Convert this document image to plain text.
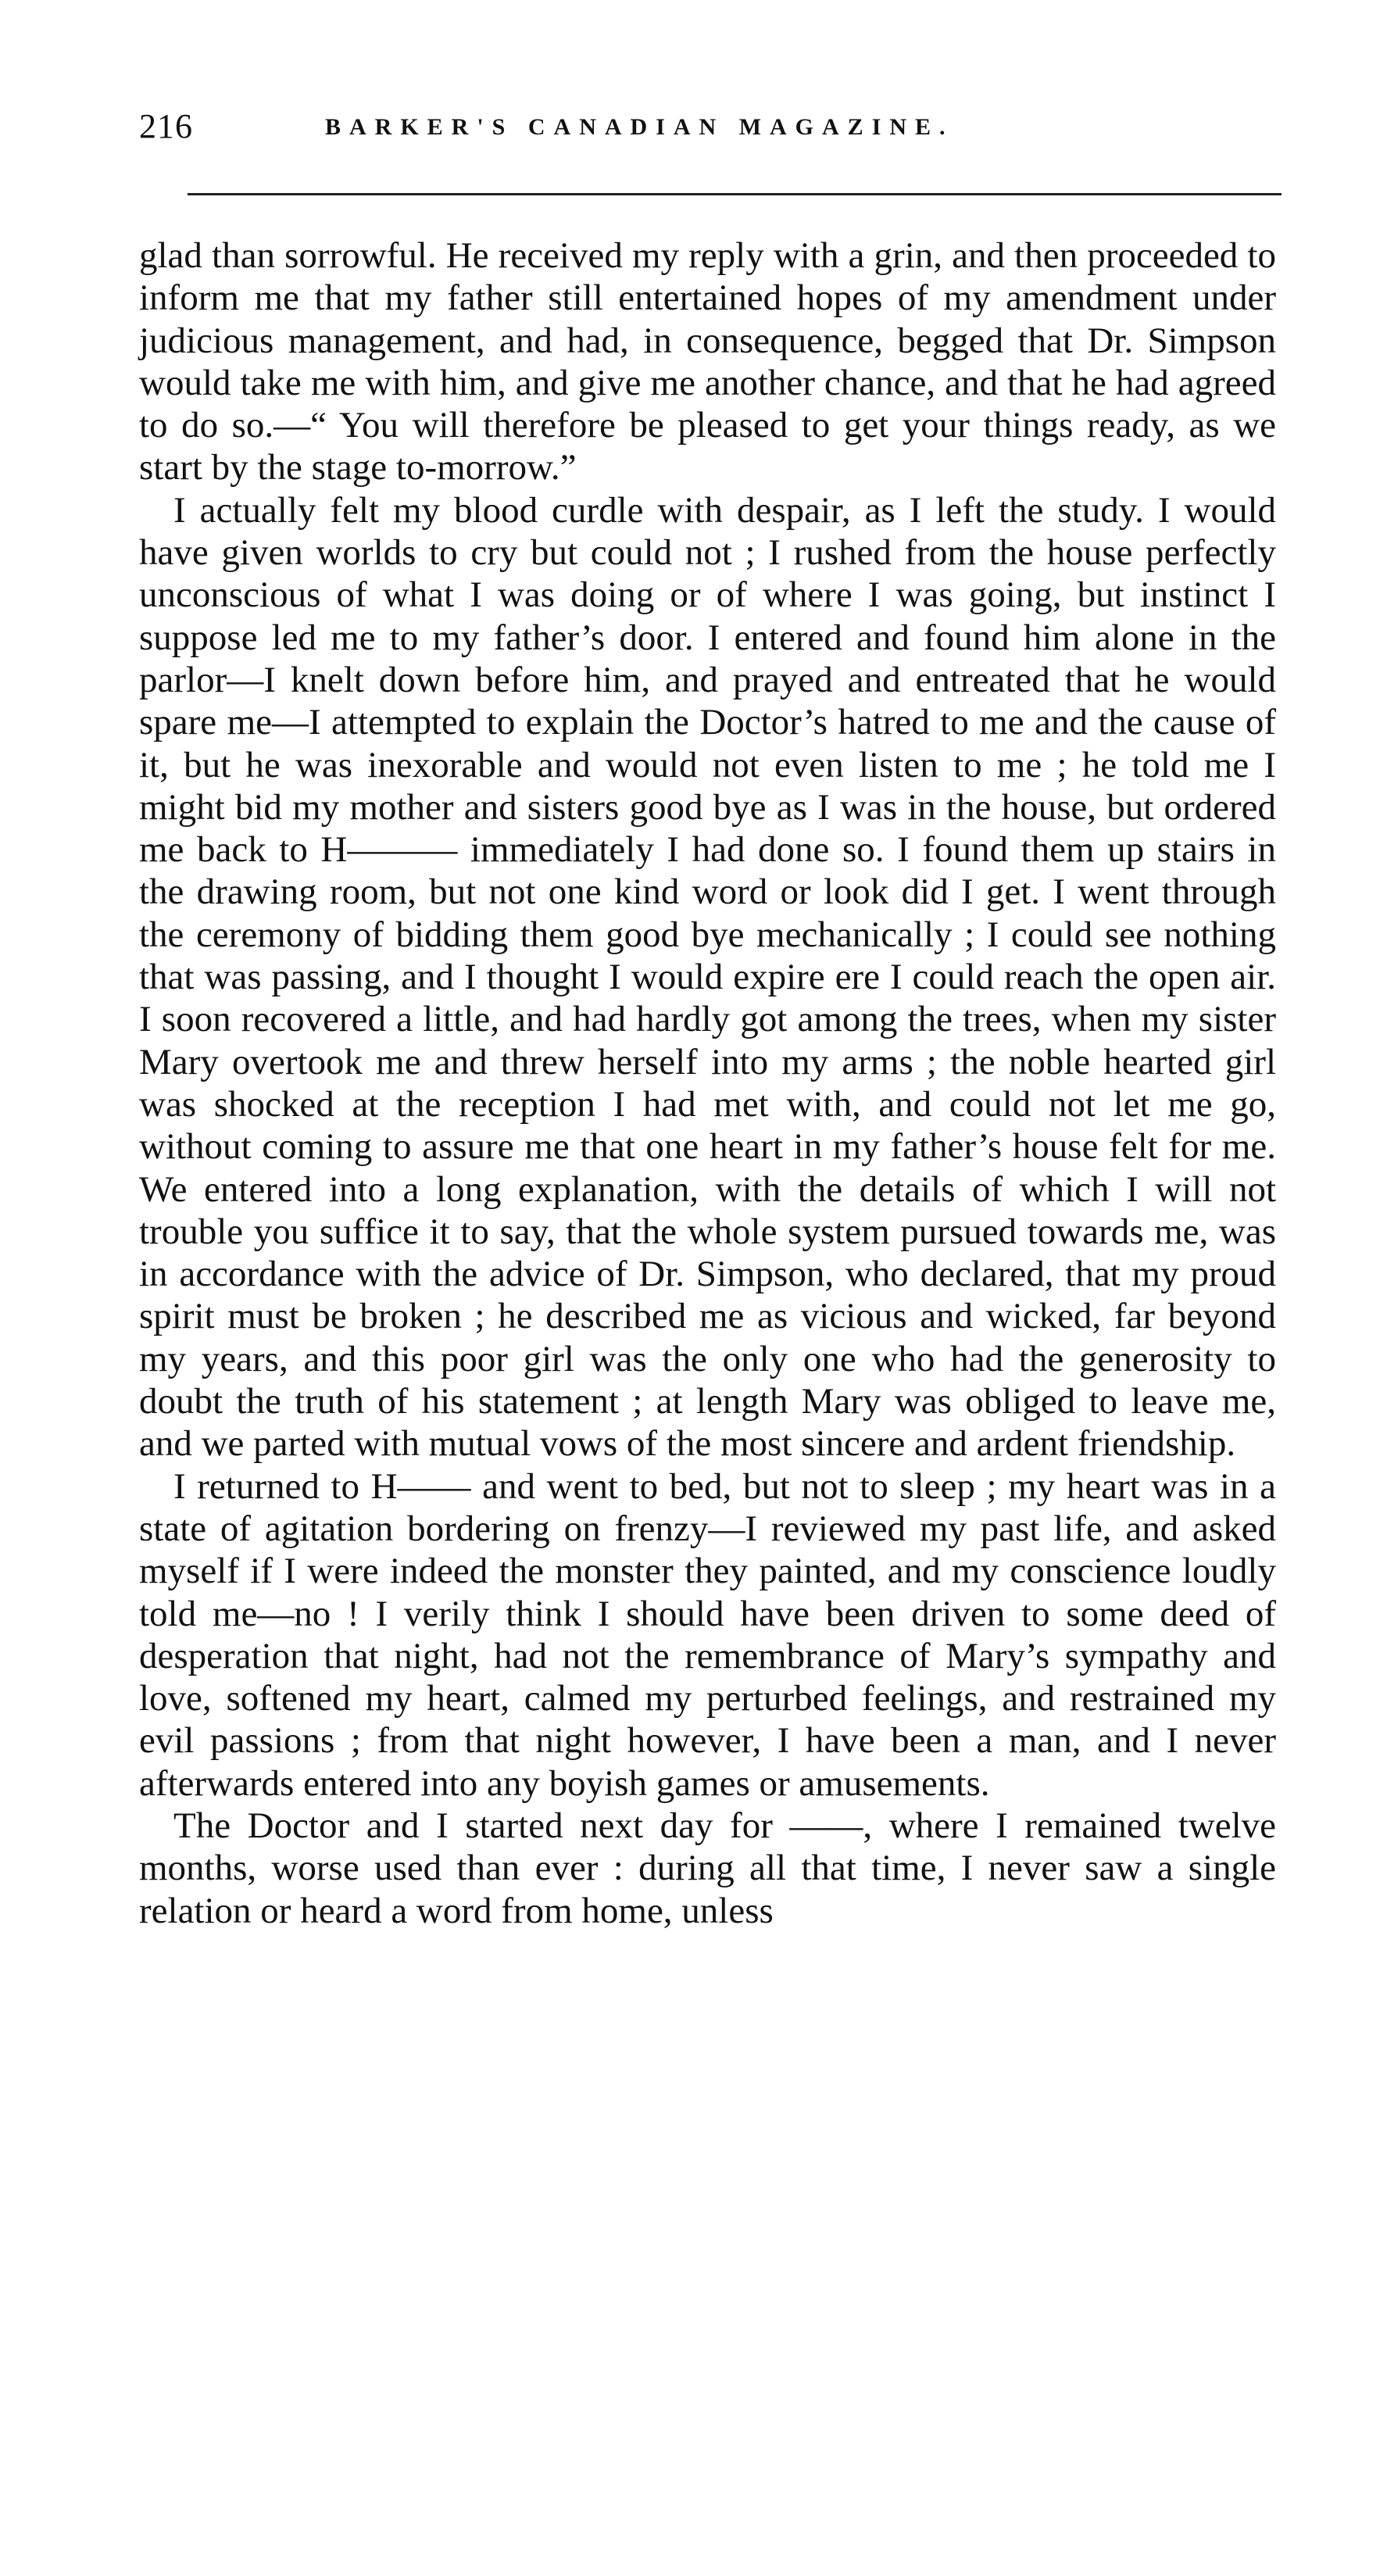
216	BARKER'S CANADIAN MAGAZINE.

glad than sorrowful. He received my reply with a grin, and then proceeded to inform me that my father still entertained hopes of my amendment under judicious management, and had, in consequence, begged that Dr. Simpson would take me with him, and give me another chance, and that he had agreed to do so.—“ You will therefore be pleased to get your things ready, as we start by the stage to-morrow.”

I actually felt my blood curdle with despair, as I left the study. I would have given worlds to cry but could not ; I rushed from the house perfectly unconscious of what I was doing or of where I was going, but instinct I suppose led me to my father’s door. I entered and found him alone in the parlor—I knelt down before him, and prayed and entreated that he would spare me—I attempted to explain the Doctor’s hatred to me and the cause of it, but he was inexorable and would not even listen to me ; he told me I might bid my mother and sisters good bye as I was in the house, but ordered me back to H——— immediately I had done so. I found them up stairs in the drawing room, but not one kind word or look did I get. I went through the ceremony of bidding them good bye mechanically ; I could see nothing that was passing, and I thought I would expire ere I could reach the open air. I soon recovered a little, and had hardly got among the trees, when my sister Mary overtook me and threw herself into my arms ; the noble hearted girl was shocked at the reception I had met with, and could not let me go, without coming to assure me that one heart in my father’s house felt for me. We entered into a long explanation, with the details of which I will not trouble you suffice it to say, that the whole system pursued towards me, was in accordance with the advice of Dr. Simpson, who declared, that my proud spirit must be broken ; he described me as vicious and wicked, far beyond my years, and this poor girl was the only one who had the generosity to doubt the truth of his statement ; at length Mary was obliged to leave me, and we parted with mutual vows of the most sincere and ardent friendship.

I returned to H—— and went to bed, but not to sleep ; my heart was in a state of agitation bordering on frenzy—I reviewed my past life, and asked myself if I were indeed the monster they painted, and my conscience loudly told me—no ! I verily think I should have been driven to some deed of desperation that night, had not the remembrance of Mary’s sympathy and love, softened my heart, calmed my perturbed feelings, and restrained my evil passions ; from that night however, I have been a man, and I never afterwards entered into any boyish games or amusements.

The Doctor and I started next day for ——, where I remained twelve months, worse used than ever : during all that time, I never saw a single relation or heard a word from home, unless
